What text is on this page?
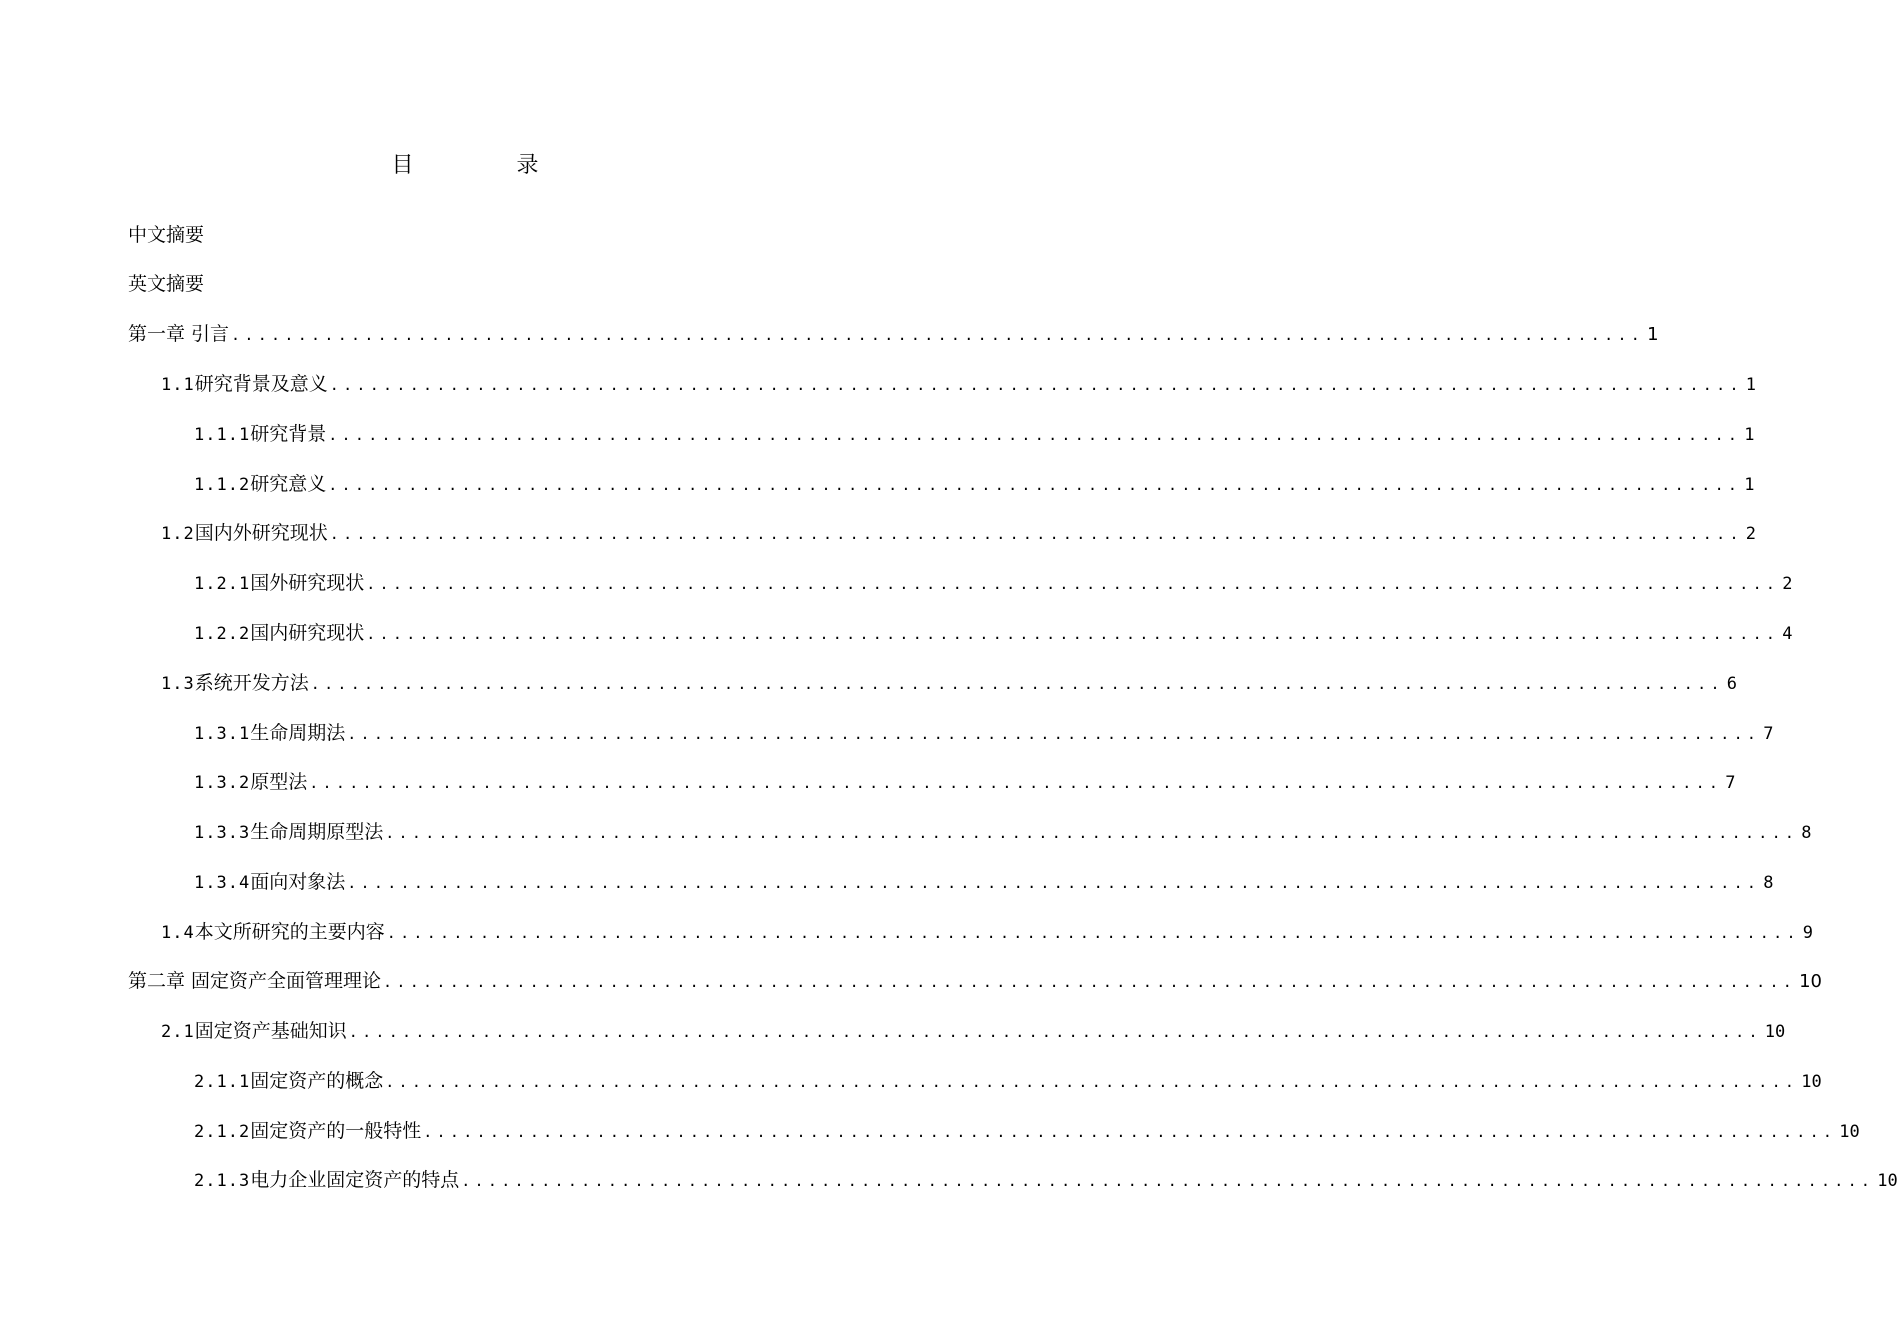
目 录
中文摘要
英文摘要
第一章 引言 .......................................................................................................... 1
1.1研究背景及意义 .......................................................................................................... 1
1.1.1研究背景 .......................................................................................................... 1
1.1.2研究意义 .......................................................................................................... 1
1.2国内外研究现状 .......................................................................................................... 2
1.2.1国外研究现状 .......................................................................................................... 2
1.2.2国内研究现状 .......................................................................................................... 4
1.3系统开发方法 .......................................................................................................... 6
1.3.1生命周期法 .......................................................................................................... 7
1.3.2原型法 .......................................................................................................... 7
1.3.3生命周期原型法 .......................................................................................................... 8
1.3.4面向对象法 .......................................................................................................... 8
1.4本文所研究的主要内容 .......................................................................................................... 9
第二章 固定资产全面管理理论 .......................................................................................................... 10
2.1固定资产基础知识 .......................................................................................................... 10
2.1.1固定资产的概念 .......................................................................................................... 10
2.1.2固定资产的一般特性 .......................................................................................................... 10
2.1.3电力企业固定资产的特点 .......................................................................................................... 10
